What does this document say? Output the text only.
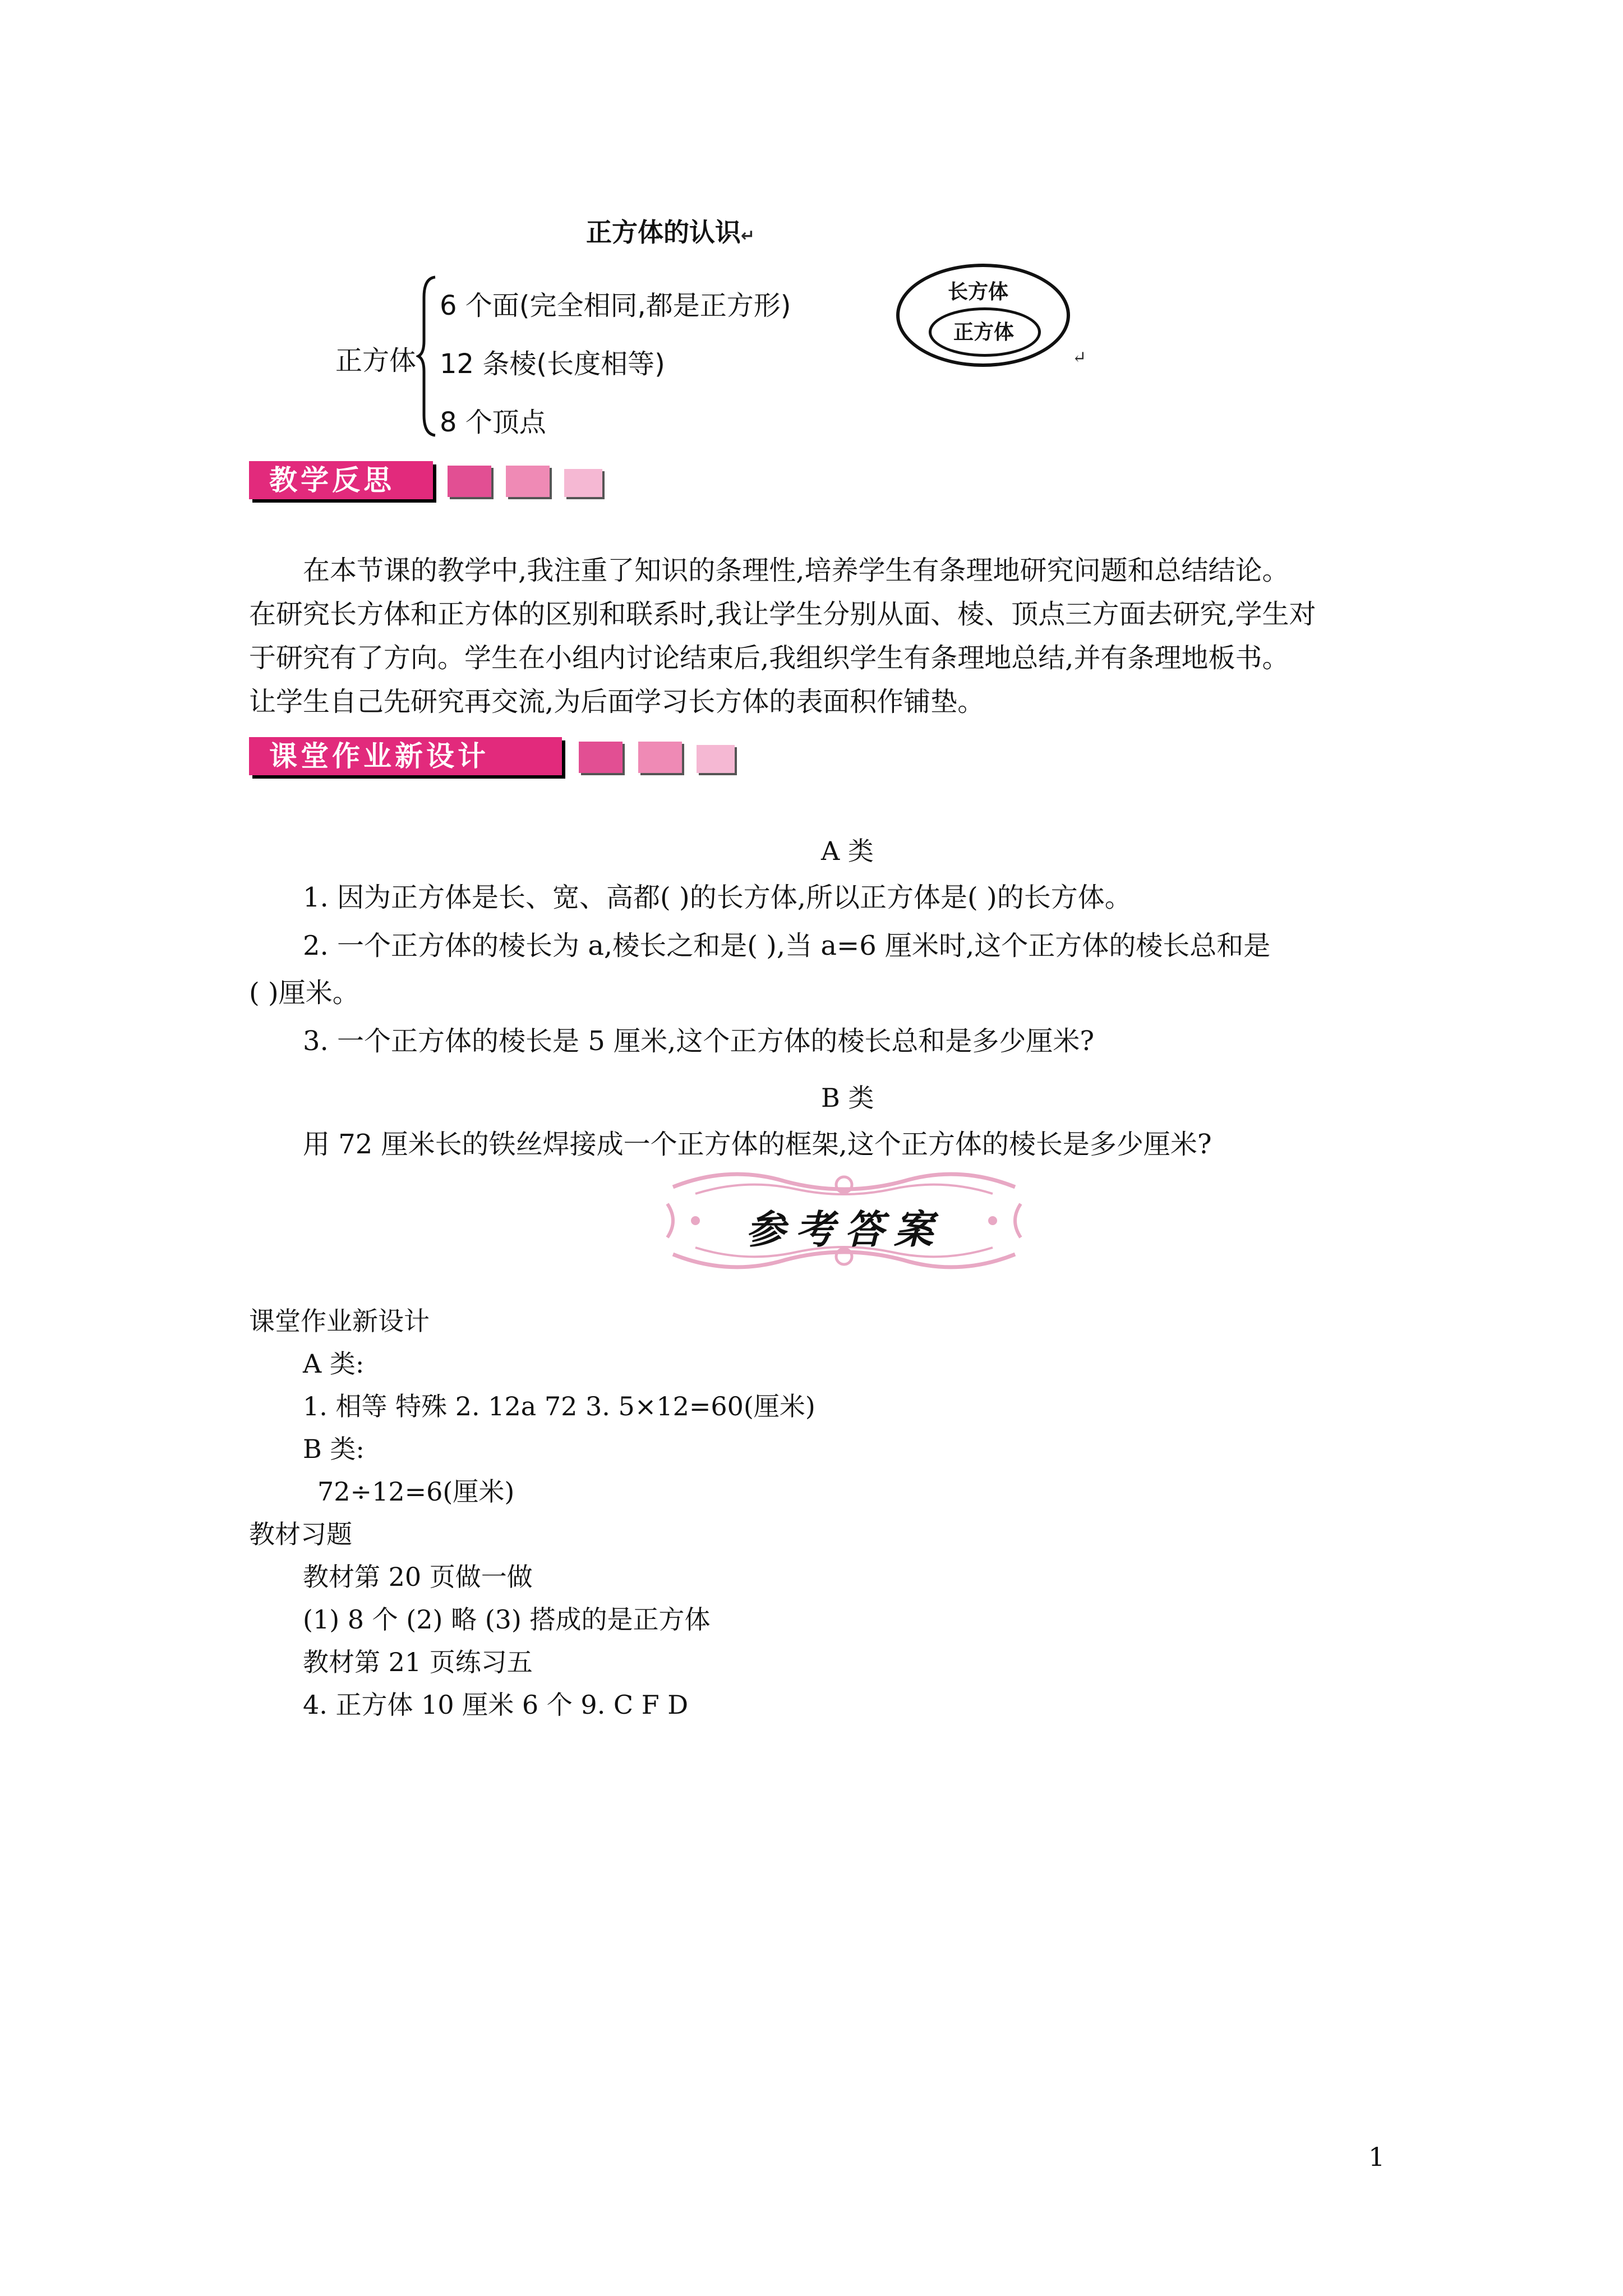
正方体的认识↵
正方体
6 个面(完全相同,都是正方形)
12 条棱(长度相等)
8 个顶点
长方体
正方体
↵
教学反思
在本节课的教学中,我注重了知识的条理性,培养学生有条理地研究问题和总结结论。
在研究长方体和正方体的区别和联系时,我让学生分别从面、棱、顶点三方面去研究,学生对
于研究有了方向。学生在小组内讨论结束后,我组织学生有条理地总结,并有条理地板书。
让学生自己先研究再交流,为后面学习长方体的表面积作铺垫。
课堂作业新设计
A 类
1. 因为正方体是长、宽、高都( )的长方体,所以正方体是( )的长方体。
2. 一个正方体的棱长为 a,棱长之和是( ),当 a=6 厘米时,这个正方体的棱长总和是
( )厘米。
3. 一个正方体的棱长是 5 厘米,这个正方体的棱长总和是多少厘米?
B 类
用 72 厘米长的铁丝焊接成一个正方体的框架,这个正方体的棱长是多少厘米?
参考答案
课堂作业新设计
A 类:
1. 相等 特殊 2. 12a 72 3. 5×12=60(厘米)
B 类:
72÷12=6(厘米)
教材习题
教材第 20 页做一做
(1) 8 个 (2) 略 (3) 搭成的是正方体
教材第 21 页练习五
4. 正方体 10 厘米 6 个 9. C F D
1
